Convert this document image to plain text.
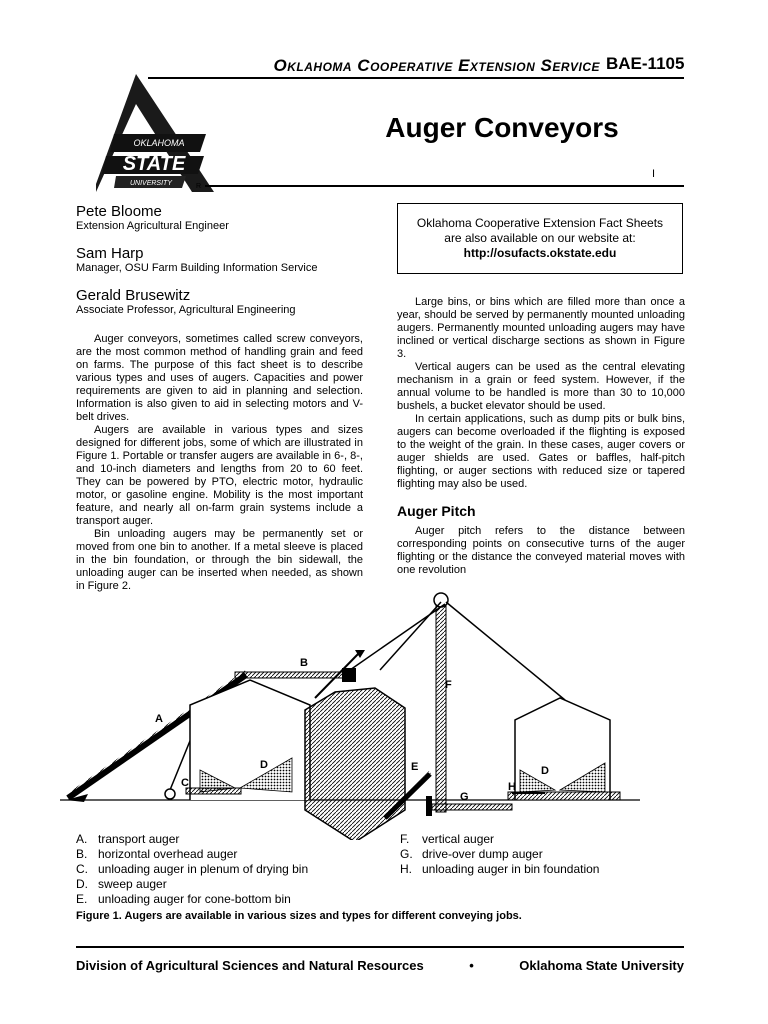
Oklahoma Cooperative Extension Service BAE-1105
OKLAHOMA
STATE
UNIVERSITY	R
Auger Conveyors
I
Pete Bloome
Extension Agricultural Engineer
Sam Harp
Manager, OSU Farm Building Information Service
Gerald Brusewitz
Associate Professor, Agricultural Engineering
Oklahoma Cooperative Extension Fact Sheets
are also available on our website at:
http://osufacts.okstate.edu

Auger conveyors, sometimes called screw conveyors, are the most common method of handling grain and feed on farms. The purpose of this fact sheet is to describe various types and uses of augers. Capacities and power requirements are given to aid in planning and selection. Information is also given to aid in selecting motors and V-belt drives.

Augers are available in various types and sizes designed for different jobs, some of which are illustrated in Figure 1. Portable or transfer augers are available in 6-, 8-, and 10-inch diameters and lengths from 20 to 60 feet. They can be powered by PTO, electric motor, hydraulic motor, or gasoline engine. Mobility is the most important feature, and nearly all on-farm grain systems include a transport auger.

Bin unloading augers may be permanently set or moved from one bin to another. If a metal sleeve is placed in the bin foundation, or through the bin sidewall, the unloading auger can be inserted when needed, as shown in Figure 2.

Large bins, or bins which are filled more than once a year, should be served by permanently mounted unloading augers. Permanently mounted unloading augers may have inclined or vertical discharge sections as shown in Figure 3.

Vertical augers can be used as the central elevating mechanism in a grain or feed system. However, if the annual volume to be handled is more than 30 to 10,000 bushels, a bucket elevator should be used.

In certain applications, such as dump pits or bulk bins, augers can become overloaded if the flighting is exposed to the weight of the grain. In these cases, auger covers or auger shields are used. Gates or baffles, half-pitch flighting, or auger sections with reduced size or tapered flighting may also be used.

Auger Pitch

Auger pitch refers to the distance between corresponding points on consecutive turns of the auger flighting or the distance the conveyed material moves with one revolution

B
A
C
D	E
F
G
H
D
A. transport auger
B. horizontal overhead auger
C. unloading auger in plenum of drying bin
D. sweep auger
E. unloading auger for cone-bottom bin
F.	vertical auger
G. drive-over dump auger
H. unloading auger in bin foundation
Figure 1. Augers are available in various sizes and types for different conveying jobs.
Division of Agricultural Sciences and Natural Resources	•	Oklahoma State University
